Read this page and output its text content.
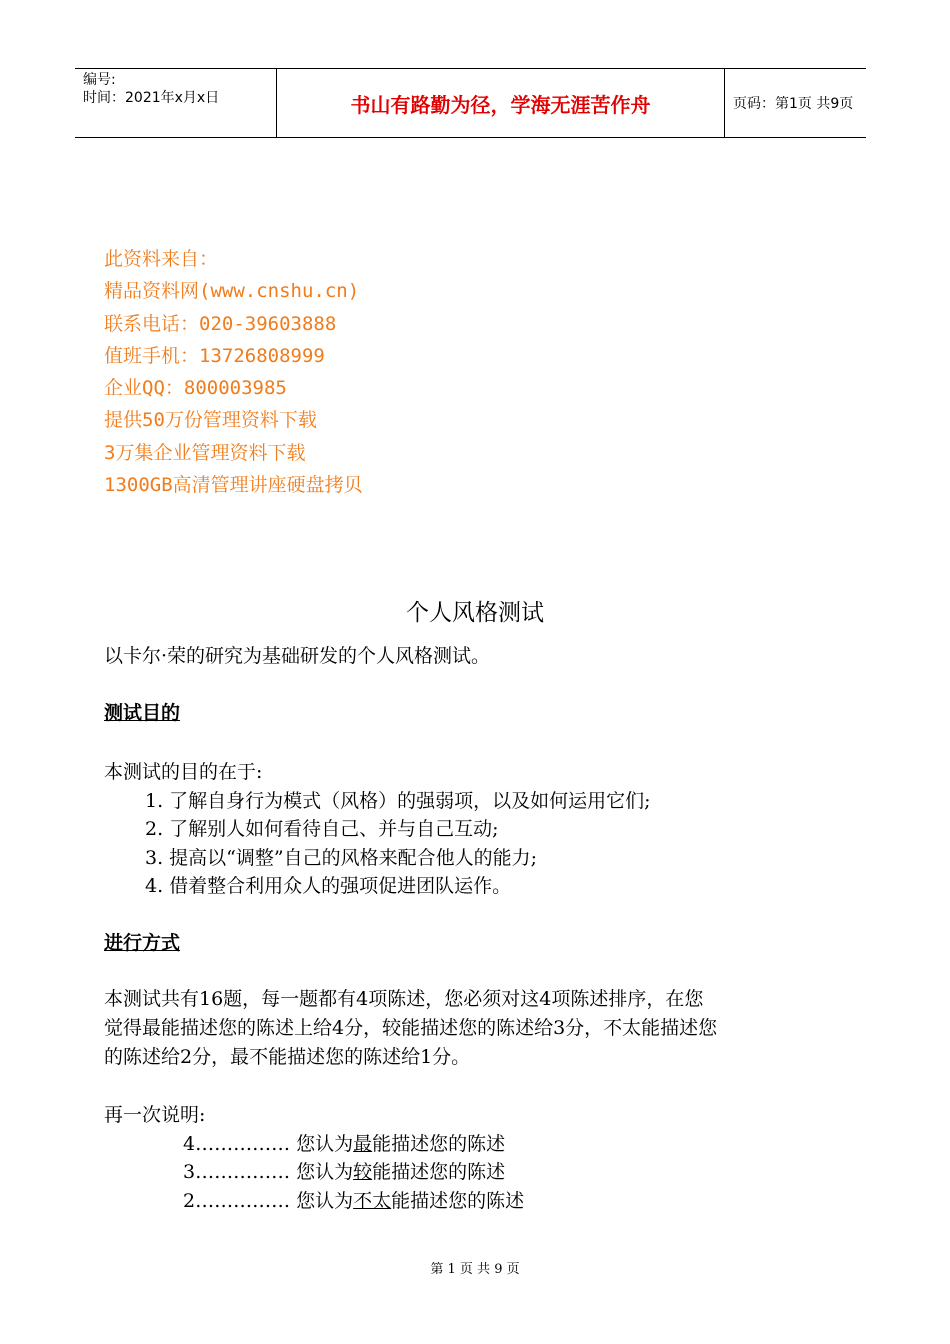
编号:
时间：2021年x月x日	书山有路勤为径，学海无涯苦作舟	页码：第1页 共9页
此资料来自：
精品资料网(www.cnshu.cn)
联系电话：020-39603888
值班手机：13726808999
企业QQ：800003985
提供50万份管理资料下载
3万集企业管理资料下载
1300GB高清管理讲座硬盘拷贝
个人风格测试
以卡尔·荣的研究为基础研发的个人风格测试。
测试目的
本测试的目的在于:
1. 了解自身行为模式（风格）的强弱项，以及如何运用它们;
2. 了解别人如何看待自己、并与自己互动;
3. 提高以“调整”自己的风格来配合他人的能力;
4. 借着整合利用众人的强项促进团队运作。
进行方式
本测试共有16题，每一题都有4项陈述，您必须对这4项陈述排序，在您
觉得最能描述您的陈述上给4分，较能描述您的陈述给3分，不太能描述您
的陈述给2分，最不能描述您的陈述给1分。
再一次说明:
4…………… 您认为最能描述您的陈述
3…………… 您认为较能描述您的陈述
2…………… 您认为不太能描述您的陈述
第 1 页 共 9 页
